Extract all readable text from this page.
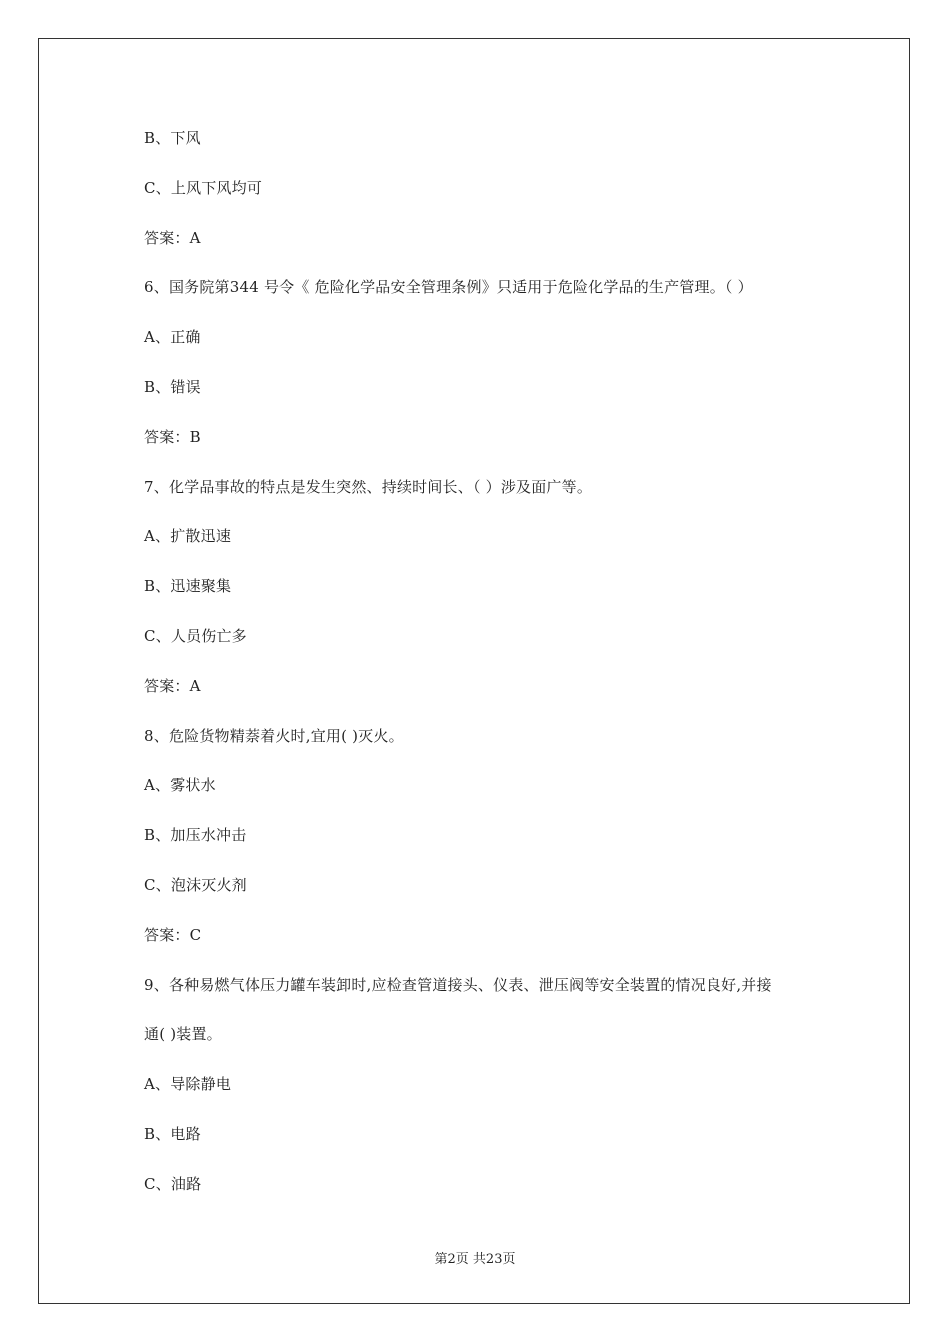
B、下风
C、上风下风均可
答案：A
6、国务院第344 号令《 危险化学品安全管理条例》只适用于危险化学品的生产管理。（ ）
A、正确
B、错误
答案：B
7、化学品事故的特点是发生突然、持续时间长、（ ）涉及面广等。
A、扩散迅速
B、迅速聚集
C、人员伤亡多
答案：A
8、危险货物精萘着火时,宜用( )灭火。
A、雾状水
B、加压水冲击
C、泡沫灭火剂
答案：C
9、各种易燃气体压力罐车装卸时,应检查管道接头、仪表、泄压阀等安全装置的情况良好,并接
通( )装置。
A、导除静电
B、电路
C、油路
第2页 共23页
